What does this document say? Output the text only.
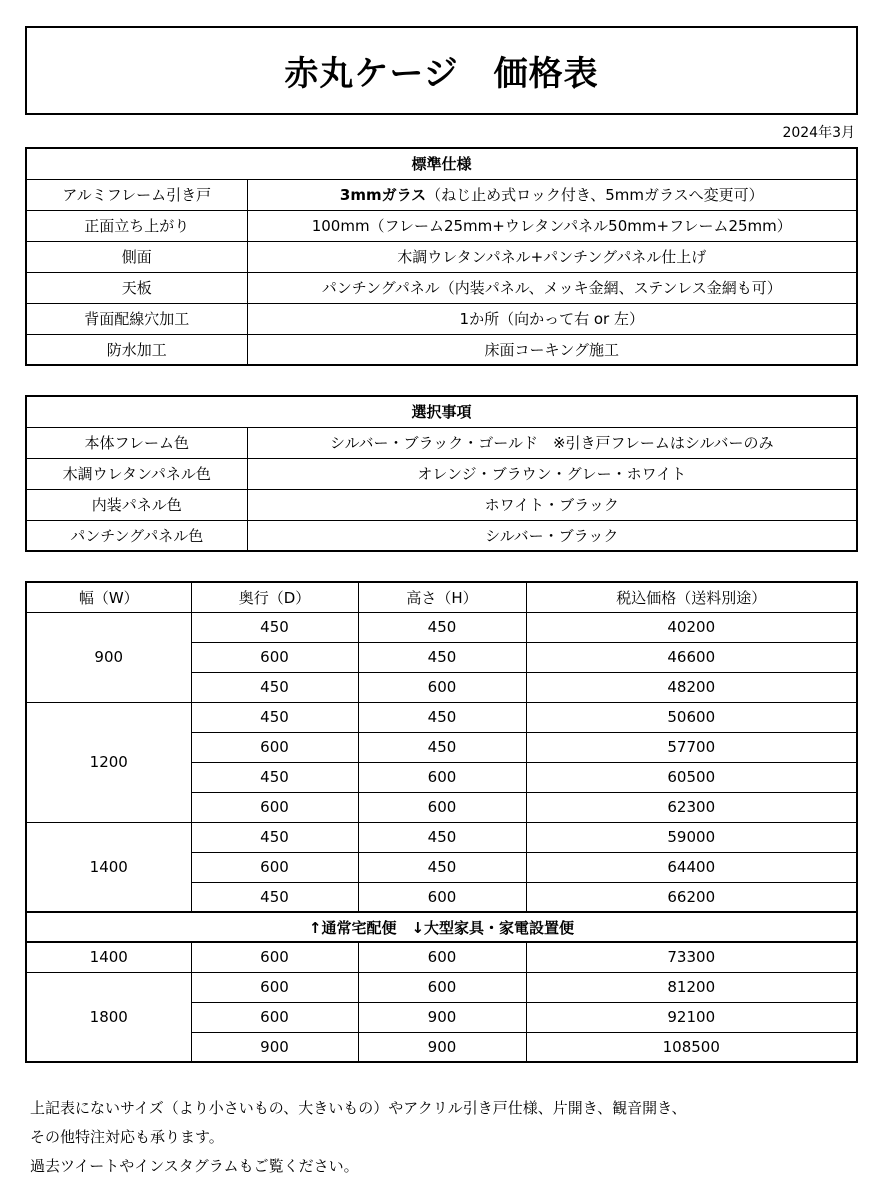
赤丸ケージ　価格表
2024年3月
標準仕様	
アルミフレーム引き戸	3mmガラス（ねじ止め式ロック付き、5mmガラスへ変更可）
正面立ち上がり	100mm（フレーム25mm+ウレタンパネル50mm+フレーム25mm）
側面	木調ウレタンパネル+パンチングパネル仕上げ
天板	パンチングパネル（内装パネル、メッキ金網、ステンレス金網も可）
背面配線穴加工	1か所（向かって右 or 左）
防水加工	床面コーキング施工
選択事項	
本体フレーム色	シルバー・ブラック・ゴールド　※引き戸フレームはシルバーのみ
木調ウレタンパネル色	オレンジ・ブラウン・グレー・ホワイト
内装パネル色	ホワイト・ブラック
パンチングパネル色	シルバー・ブラック
幅（W）	奥行（D）	高さ（H）	税込価格（送料別途）
900	450	450	40200
	600	450	46600
	450	600	48200
1200	450	450	50600
	600	450	57700
	450	600	60500
	600	600	62300
1400	450	450	59000
	600	450	64400
	450	600	66200
↑通常宅配便　↓大型家具・家電設置便			
1400	600	600	73300
1800	600	600	81200
	600	900	92100
	900	900	108500

上記表にないサイズ（より小さいもの、大きいもの）やアクリル引き戸仕様、片開き、観音開き、

その他特注対応も承ります。

過去ツイートやインスタグラムもご覧ください。
